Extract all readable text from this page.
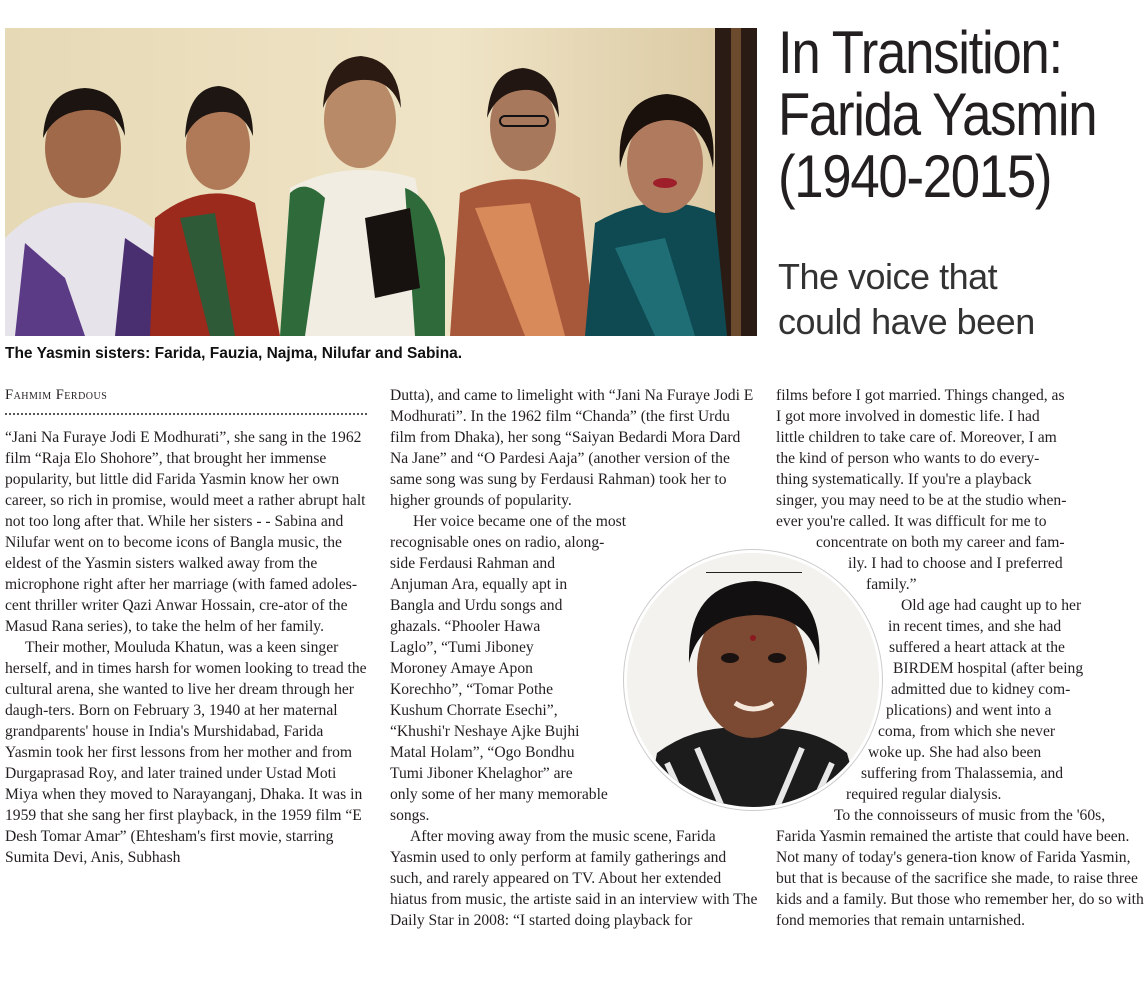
The Yasmin sisters: Farida, Fauzia, Najma, Nilufar and Sabina.
In Transition:
Farida Yasmin
(1940-2015)
The voice that
could have been
Fahmim Ferdous

“Jani Na Furaye Jodi E Modhurati”, she sang in the 1962 film “Raja Elo Shohore”, that brought her immense popularity, but little did Farida Yasmin know her own career, so rich in promise, would meet a rather abrupt halt not too long after that. While her sisters - - Sabina and Nilufar went on to become icons of Bangla music, the eldest of the Yasmin sisters walked away from the microphone right after her marriage (with famed adoles-cent thriller writer Qazi Anwar Hossain, cre-ator of the Masud Rana series), to take the helm of her family.

Their mother, Mouluda Khatun, was a keen singer herself, and in times harsh for women looking to tread the cultural arena, she wanted to live her dream through her daugh-ters. Born on February 3, 1940 at her maternal grandparents' house in India's Murshidabad, Farida Yasmin took her first lessons from her mother and from Durgaprasad Roy, and later trained under Ustad Moti Miya when they moved to Narayanganj, Dhaka. It was in 1959 that she sang her first playback, in the 1959 film “E Desh Tomar Amar” (Ehtesham's first movie, starring Sumita Devi, Anis, Subhash

Dutta), and came to limelight with “Jani Na Furaye Jodi E Modhurati”. In the 1962 film “Chanda” (the first Urdu film from Dhaka), her song “Saiyan Bedardi Mora Dard Na Jane” and “O Pardesi Aaja” (another version of the same song was sung by Ferdausi Rahman) took her to higher grounds of popularity.

Her voice became one of the most
recognisable ones on radio, along-
side Ferdausi Rahman and
Anjuman Ara, equally apt in
Bangla and Urdu songs and
ghazals. “Phooler Hawa
Laglo”, “Tumi Jiboney
Moroney Amaye Apon
Korechho”, “Tomar Pothe
Kushum Chorrate Esechi”,
“Khushi'r Neshaye Ajke Bujhi
Matal Holam”, “Ogo Bondhu
Tumi Jiboner Khelaghor” are
only some of her many memorable
songs.

After moving away from the music scene, Farida Yasmin used to only perform at family gatherings and such, and rarely appeared on TV. About her extended hiatus from music, the artiste said in an interview with The Daily Star in 2008: “I started doing playback for

films before I got married. Things changed, as
I got more involved in domestic life. I had
little children to take care of. Moreover, I am
the kind of person who wants to do every-
thing systematically. If you're a playback
singer, you may need to be at the studio when-
ever you're called. It was difficult for me to
concentrate on both my career and fam-
ily. I had to choose and I preferred
family.”
Old age had caught up to her
in recent times, and she had
suffered a heart attack at the
BIRDEM hospital (after being
admitted due to kidney com-
plications) and went into a
coma, from which she never
woke up. She had also been
suffering from Thalassemia, and
required regular dialysis.

To the connoisseurs of music from the '60s, Farida Yasmin remained the artiste that could have been. Not many of today's genera-tion know of Farida Yasmin, but that is because of the sacrifice she made, to raise three kids and a family. But those who remember her, do so with fond memories that remain untarnished.
